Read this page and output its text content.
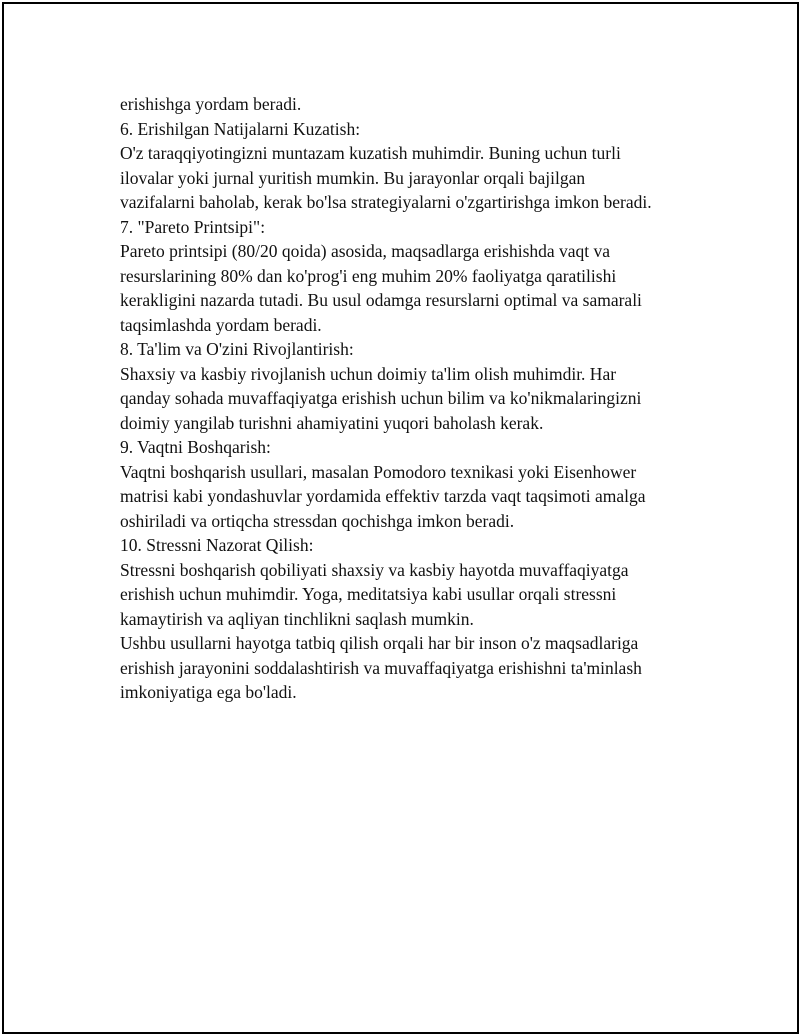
erishishga yordam beradi.

6. Erishilgan Natijalarni Kuzatish:
O'z taraqqiyotingizni muntazam kuzatish muhimdir. Buning uchun turli
ilovalar yoki jurnal yuritish mumkin. Bu jarayonlar orqali bajilgan
vazifalarni baholab, kerak bo'lsa strategiyalarni o'zgartirishga imkon beradi.

7. "Pareto Printsipi":
Pareto printsipi (80/20 qoida) asosida, maqsadlarga erishishda vaqt va
resurslarining 80% dan ko'prog'i eng muhim 20% faoliyatga qaratilishi
kerakligini nazarda tutadi. Bu usul odamga resurslarni optimal va samarali
taqsimlashda yordam beradi.

8. Ta'lim va O'zini Rivojlantirish:
Shaxsiy va kasbiy rivojlanish uchun doimiy ta'lim olish muhimdir. Har
qanday sohada muvaffaqiyatga erishish uchun bilim va ko'nikmalaringizni
doimiy yangilab turishni ahamiyatini yuqori baholash kerak.

9. Vaqtni Boshqarish:
Vaqtni boshqarish usullari, masalan Pomodoro texnikasi yoki Eisenhower
matrisi kabi yondashuvlar yordamida effektiv tarzda vaqt taqsimoti amalga
oshiriladi va ortiqcha stressdan qochishga imkon beradi.

10. Stressni Nazorat Qilish:
Stressni boshqarish qobiliyati shaxsiy va kasbiy hayotda muvaffaqiyatga
erishish uchun muhimdir. Yoga, meditatsiya kabi usullar orqali stressni
kamaytirish va aqliyan tinchlikni saqlash mumkin.

Ushbu usullarni hayotga tatbiq qilish orqali har bir inson o'z maqsadlariga
erishish jarayonini soddalashtirish va muvaffaqiyatga erishishni ta'minlash
imkoniyatiga ega bo'ladi.
